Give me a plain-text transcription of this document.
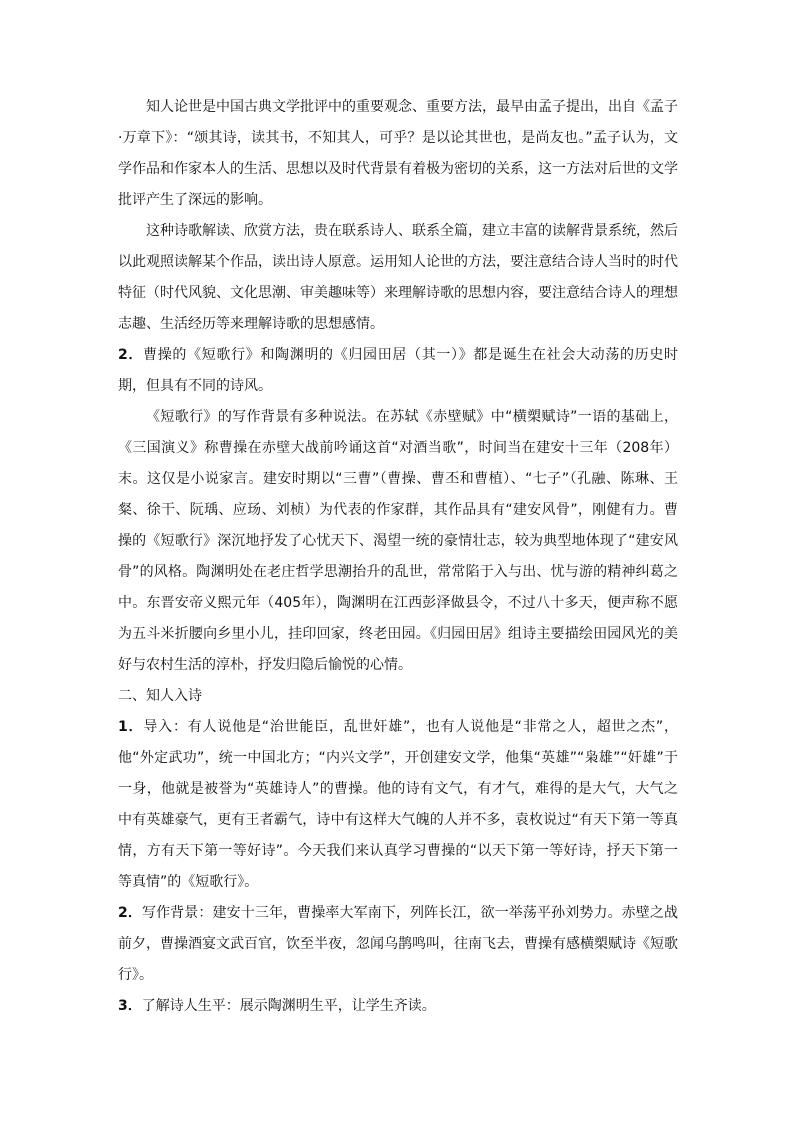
知人论世是中国古典文学批评中的重要观念、重要方法，最早由孟子提出，出自《孟子·万章下》：“颂其诗，读其书，不知其人，可乎？是以论其世也，是尚友也。”孟子认为，文学作品和作家本人的生活、思想以及时代背景有着极为密切的关系，这一方法对后世的文学批评产生了深远的影响。

这种诗歌解读、欣赏方法，贵在联系诗人、联系全篇，建立丰富的读解背景系统，然后以此观照读解某个作品，读出诗人原意。运用知人论世的方法，要注意结合诗人当时的时代特征（时代风貌、文化思潮、审美趣味等）来理解诗歌的思想内容，要注意结合诗人的理想志趣、生活经历等来理解诗歌的思想感情。

2．曹操的《短歌行》和陶渊明的《归园田居（其一）》都是诞生在社会大动荡的历史时期，但具有不同的诗风。

《短歌行》的写作背景有多种说法。在苏轼《赤壁赋》中“横槊赋诗”一语的基础上，《三国演义》称曹操在赤壁大战前吟诵这首“对酒当歌”，时间当在建安十三年（208年）末。这仅是小说家言。建安时期以“三曹”（曹操、曹丕和曹植）、“七子”（孔融、陈琳、王粲、徐干、阮瑀、应玚、刘桢）为代表的作家群，其作品具有“建安风骨”，刚健有力。曹操的《短歌行》深沉地抒发了心忧天下、渴望一统的豪情壮志，较为典型地体现了“建安风骨”的风格。陶渊明处在老庄哲学思潮抬升的乱世，常常陷于入与出、忧与游的精神纠葛之中。东晋安帝义熙元年（405年），陶渊明在江西彭泽做县令，不过八十多天，便声称不愿为五斗米折腰向乡里小儿，挂印回家，终老田园。《归园田居》组诗主要描绘田园风光的美好与农村生活的淳朴，抒发归隐后愉悦的心情。

二、知人入诗

1．导入：有人说他是“治世能臣，乱世奸雄”，也有人说他是“非常之人，超世之杰”，他“外定武功”，统一中国北方；“内兴文学”，开创建安文学，他集“英雄”“枭雄”“奸雄”于一身，他就是被誉为“英雄诗人”的曹操。他的诗有文气，有才气，难得的是大气，大气之中有英雄豪气，更有王者霸气，诗中有这样大气魄的人并不多，袁枚说过“有天下第一等真情，方有天下第一等好诗”。今天我们来认真学习曹操的“以天下第一等好诗，抒天下第一等真情”的《短歌行》。

2．写作背景：建安十三年，曹操率大军南下，列阵长江，欲一举荡平孙刘势力。赤壁之战前夕，曹操酒宴文武百官，饮至半夜，忽闻乌鹊鸣叫，往南飞去，曹操有感横槊赋诗《短歌行》。

3．了解诗人生平：展示陶渊明生平，让学生齐读。
